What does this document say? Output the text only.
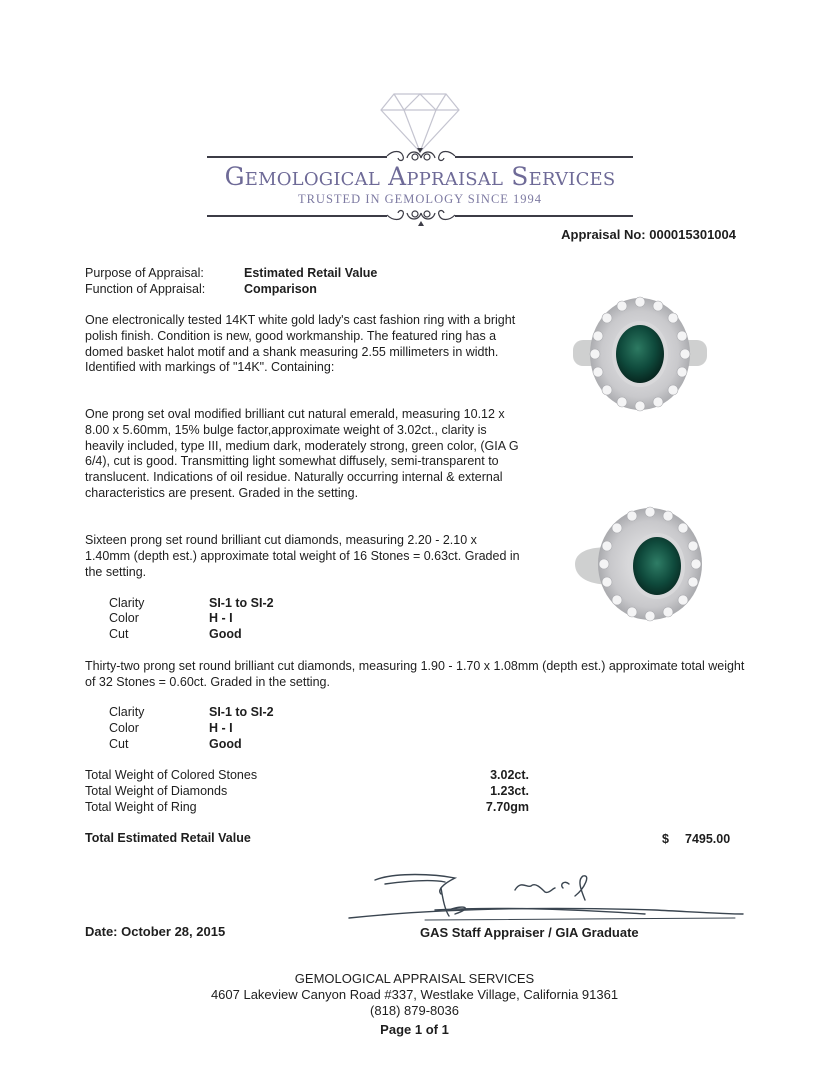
Gemological Appraisal Services
TRUSTED IN GEMOLOGY SINCE 1994
Appraisal No: 000015301004
Purpose of Appraisal:	Estimated Retail Value
Function of Appraisal:	Comparison
One electronically tested 14KT white gold lady's cast fashion ring with a bright polish finish. Condition is new, good workmanship. The featured ring has a domed basket halot motif and a shank measuring 2.55 millimeters in width. Identified with markings of "14K". Containing:
One prong set oval modified brilliant cut natural emerald, measuring 10.12 x 8.00 x 5.60mm, 15% bulge factor,approximate weight of 3.02ct., clarity is heavily included, type III, medium dark, moderately strong, green color, (GIA G 6/4), cut is good. Transmitting light somewhat diffusely, semi-transparent to translucent. Indications of oil residue. Naturally occurring internal & external characteristics are present. Graded in the setting.
Sixteen prong set round brilliant cut diamonds, measuring 2.20 - 2.10 x 1.40mm (depth est.) approximate total weight of 16 Stones = 0.63ct. Graded in the setting.
Clarity	SI-1 to SI-2
Color	H - I
Cut	Good
Thirty-two prong set round brilliant cut diamonds, measuring 1.90 - 1.70 x 1.08mm (depth est.) approximate total weight of 32 Stones = 0.60ct. Graded in the setting.
Clarity	SI-1 to SI-2
Color	H - I
Cut	Good
Total Weight of Colored Stones	3.02ct.
Total Weight of Diamonds	1.23ct.
Total Weight of Ring	7.70gm
Total Estimated Retail Value	$ 7495.00
Date: October 28, 2015	GAS Staff Appraiser / GIA Graduate
GEMOLOGICAL APPRAISAL SERVICES
4607 Lakeview Canyon Road #337, Westlake Village, California 91361
(818) 879-8036
Page 1 of 1
